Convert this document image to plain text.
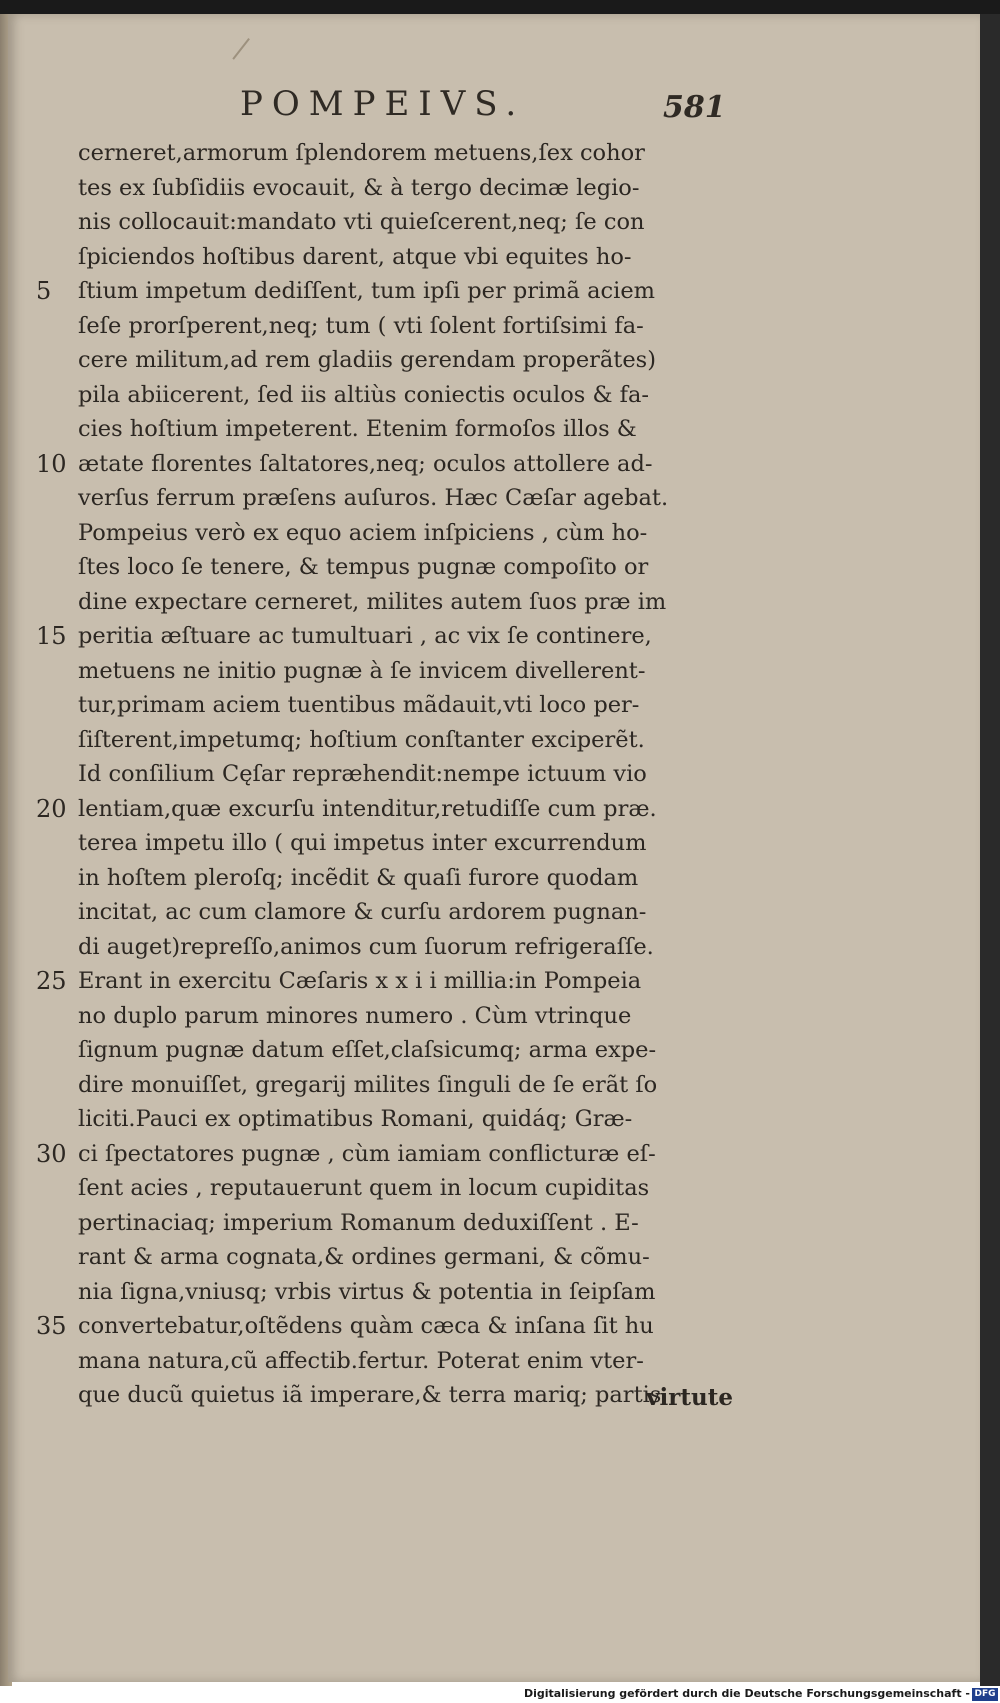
POMPEIVS.	581
cerneret,armorum ſplendorem metuens,ſex cohor
tes ex ſubſidiis evocauit, & à tergo decimæ legio-
nis collocauit:mandato vti quieſcerent,neq; ſe con
ſpiciendos hoſtibus darent, atque vbi equites ho-
5	ſtium impetum dediſſent, tum ipſi per primã aciem
ſeſe prorſperent,neq; tum ( vti ſolent fortiſsimi fa-
cere militum,ad rem gladiis gerendam properãtes)
pila abiicerent, ſed iis altiùs coniectis oculos & fa-
cies hoſtium impeterent. Etenim formoſos illos &
10 ætate florentes ſaltatores,neq; oculos attollere ad-
verſus ferrum præſens auſuros. Hæc Cæſar agebat.
Pompeius verò ex equo aciem inſpiciens , cùm ho-
ſtes loco ſe tenere, & tempus pugnæ compoſito or
dine expectare cerneret, milites autem ſuos præ im
15 peritia æſtuare ac tumultuari , ac vix ſe continere,
metuens ne initio pugnæ à ſe invicem divellerent-
tur,primam aciem tuentibus mãdauit,vti loco per-
ſiſterent,impetumq; hoſtium conſtanter exciperẽt.
Id conſilium Cęſar repræhendit:nempe ictuum vio
20 lentiam,quæ excurſu intenditur,retudiſſe cum præ.
terea impetu illo ( qui impetus inter excurrendum
in hoſtem pleroſq; incẽdit & quaſi furore quodam
incitat, ac cum clamore & curſu ardorem pugnan-
di auget)repreſſo,animos cum ſuorum refrigeraſſe.
25 Erant in exercitu Cæſaris x x i i millia:in Pompeia
no duplo parum minores numero . Cùm vtrinque
ſignum pugnæ datum eſſet,claſsicumq; arma expe-
dire monuiſſet, gregarij milites ſinguli de ſe erãt ſo
liciti.Pauci ex optimatibus Romani, quidáq; Græ-
30 ci ſpectatores pugnæ , cùm iamiam conflicturæ eſ-
ſent acies , reputauerunt quem in locum cupiditas
pertinaciaq; imperium Romanum deduxiſſent . E-
rant & arma cognata,& ordines germani, & cõmu-
nia ſigna,vniusq; vrbis virtus & potentia in ſeipſam
35 convertebatur,oſtẽdens quàm cæca & inſana ſit hu
mana natura,cũ affectib.fertur. Poterat enim vter-
que ducũ quietus iã imperare,& terra mariq; partis
virtute
Digitalisierung gefördert durch die Deutsche Forschungsgemeinschaft - DFG
